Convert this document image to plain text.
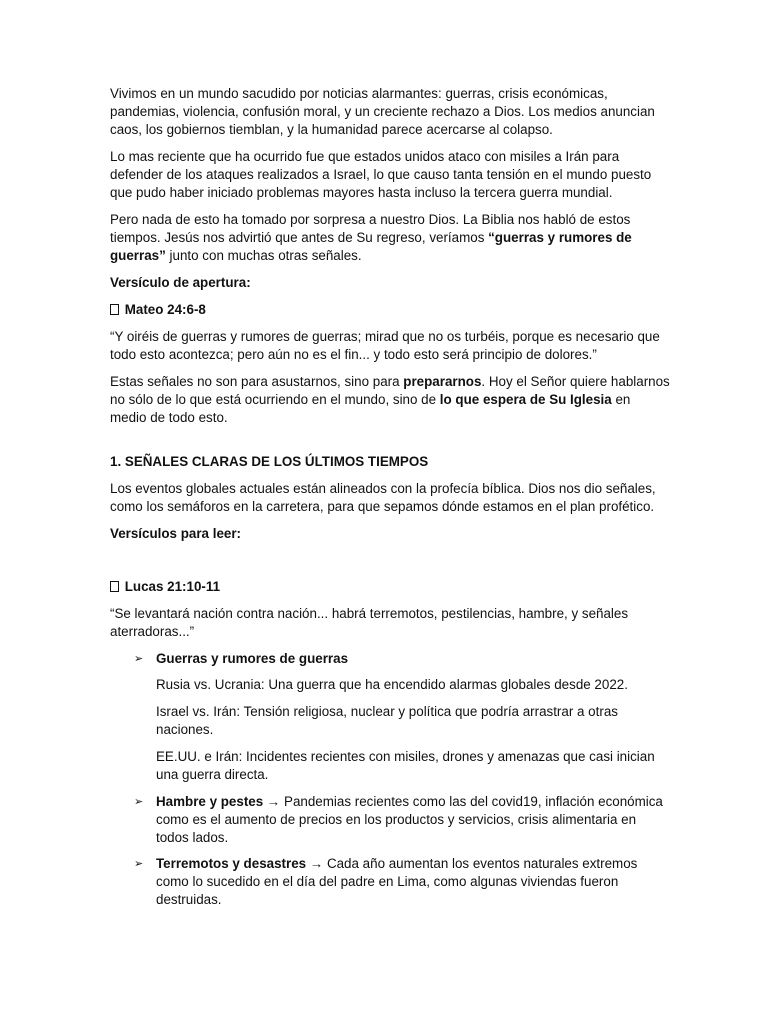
Vivimos en un mundo sacudido por noticias alarmantes: guerras, crisis económicas, pandemias, violencia, confusión moral, y un creciente rechazo a Dios. Los medios anuncian caos, los gobiernos tiemblan, y la humanidad parece acercarse al colapso.

Lo mas reciente que ha ocurrido fue que estados unidos ataco con misiles a Irán para defender de los ataques realizados a Israel, lo que causo tanta tensión en el mundo puesto que pudo haber iniciado problemas mayores hasta incluso la tercera guerra mundial.

Pero nada de esto ha tomado por sorpresa a nuestro Dios. La Biblia nos habló de estos tiempos. Jesús nos advirtió que antes de Su regreso, veríamos “guerras y rumores de guerras” junto con muchas otras señales.

Versículo de apertura:

Mateo 24:6-8

“Y oiréis de guerras y rumores de guerras; mirad que no os turbéis, porque es necesario que todo esto acontezca; pero aún no es el fin... y todo esto será principio de dolores.”

Estas señales no son para asustarnos, sino para prepararnos. Hoy el Señor quiere hablarnos no sólo de lo que está ocurriendo en el mundo, sino de lo que espera de Su Iglesia en medio de todo esto.

1. SEÑALES CLARAS DE LOS ÚLTIMOS TIEMPOS

Los eventos globales actuales están alineados con la profecía bíblica. Dios nos dio señales, como los semáforos en la carretera, para que sepamos dónde estamos en el plan profético.

Versículos para leer:

Lucas 21:10-11

“Se levantará nación contra nación... habrá terremotos, pestilencias, hambre, y señales aterradoras...”

➢ Guerras y rumores de guerras

Rusia vs. Ucrania: Una guerra que ha encendido alarmas globales desde 2022.

Israel vs. Irán: Tensión religiosa, nuclear y política que podría arrastrar a otras naciones.

EE.UU. e Irán: Incidentes recientes con misiles, drones y amenazas que casi inician una guerra directa.

➢ Hambre y pestes → Pandemias recientes como las del covid19, inflación económica como es el aumento de precios en los productos y servicios, crisis alimentaria en todos lados.
➢ Terremotos y desastres → Cada año aumentan los eventos naturales extremos como lo sucedido en el día del padre en Lima, como algunas viviendas fueron destruidas.
